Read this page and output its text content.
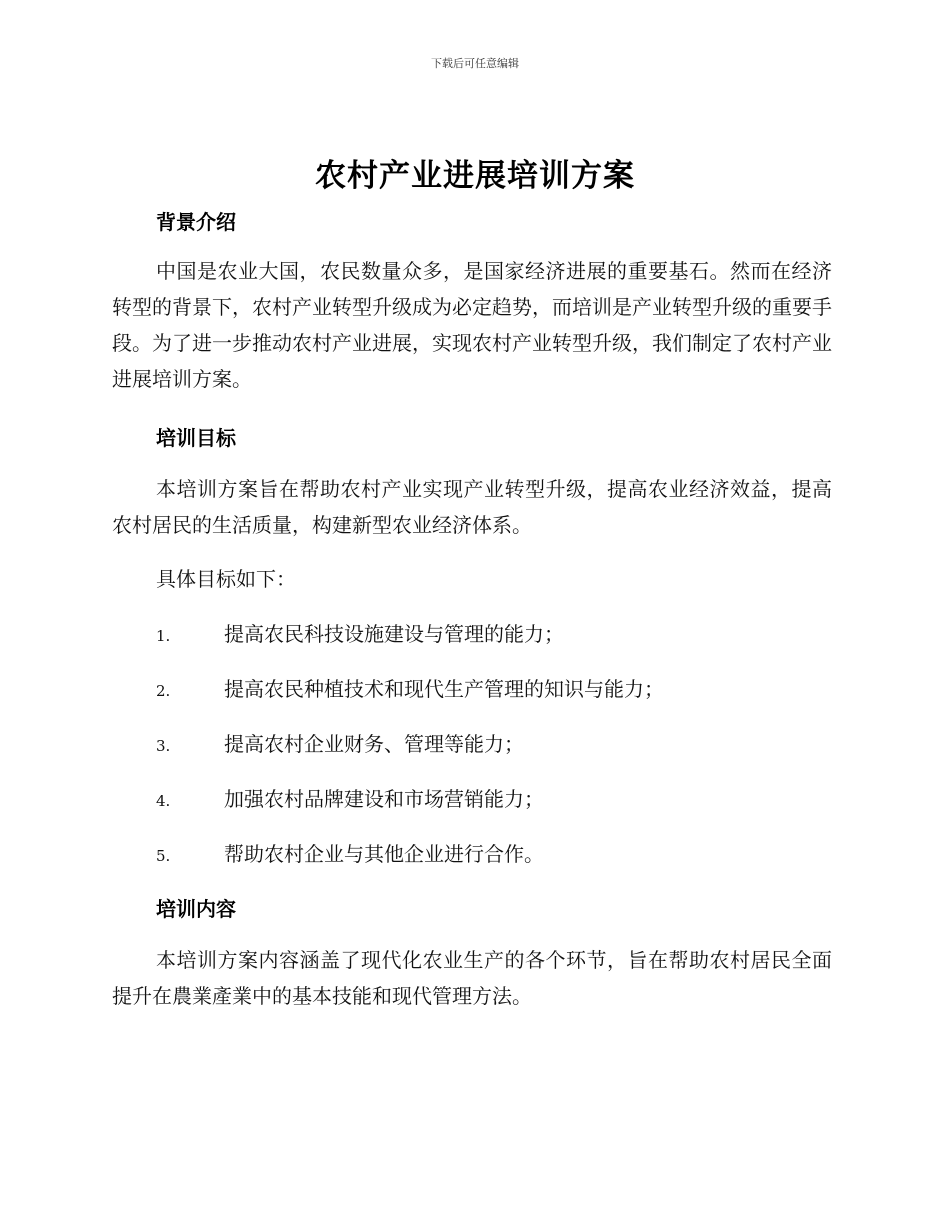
下载后可任意编辑
农村产业进展培训方案
背景介绍

中国是农业大国，农民数量众多，是国家经济进展的重要基石。然而在经济转型的背景下，农村产业转型升级成为必定趋势，而培训是产业转型升级的重要手段。为了进一步推动农村产业进展，实现农村产业转型升级，我们制定了农村产业进展培训方案。

培训目标

本培训方案旨在帮助农村产业实现产业转型升级，提高农业经济效益，提高农村居民的生活质量，构建新型农业经济体系。

具体目标如下：

1.	提高农民科技设施建设与管理的能力；
2.	提高农民种植技术和现代生产管理的知识与能力；
3.	提高农村企业财务、管理等能力；
4.	加强农村品牌建设和市场营销能力；
5.	帮助农村企业与其他企业进行合作。
培训内容

本培训方案内容涵盖了现代化农业生产的各个环节，旨在帮助农村居民全面提升在農業產業中的基本技能和现代管理方法。
